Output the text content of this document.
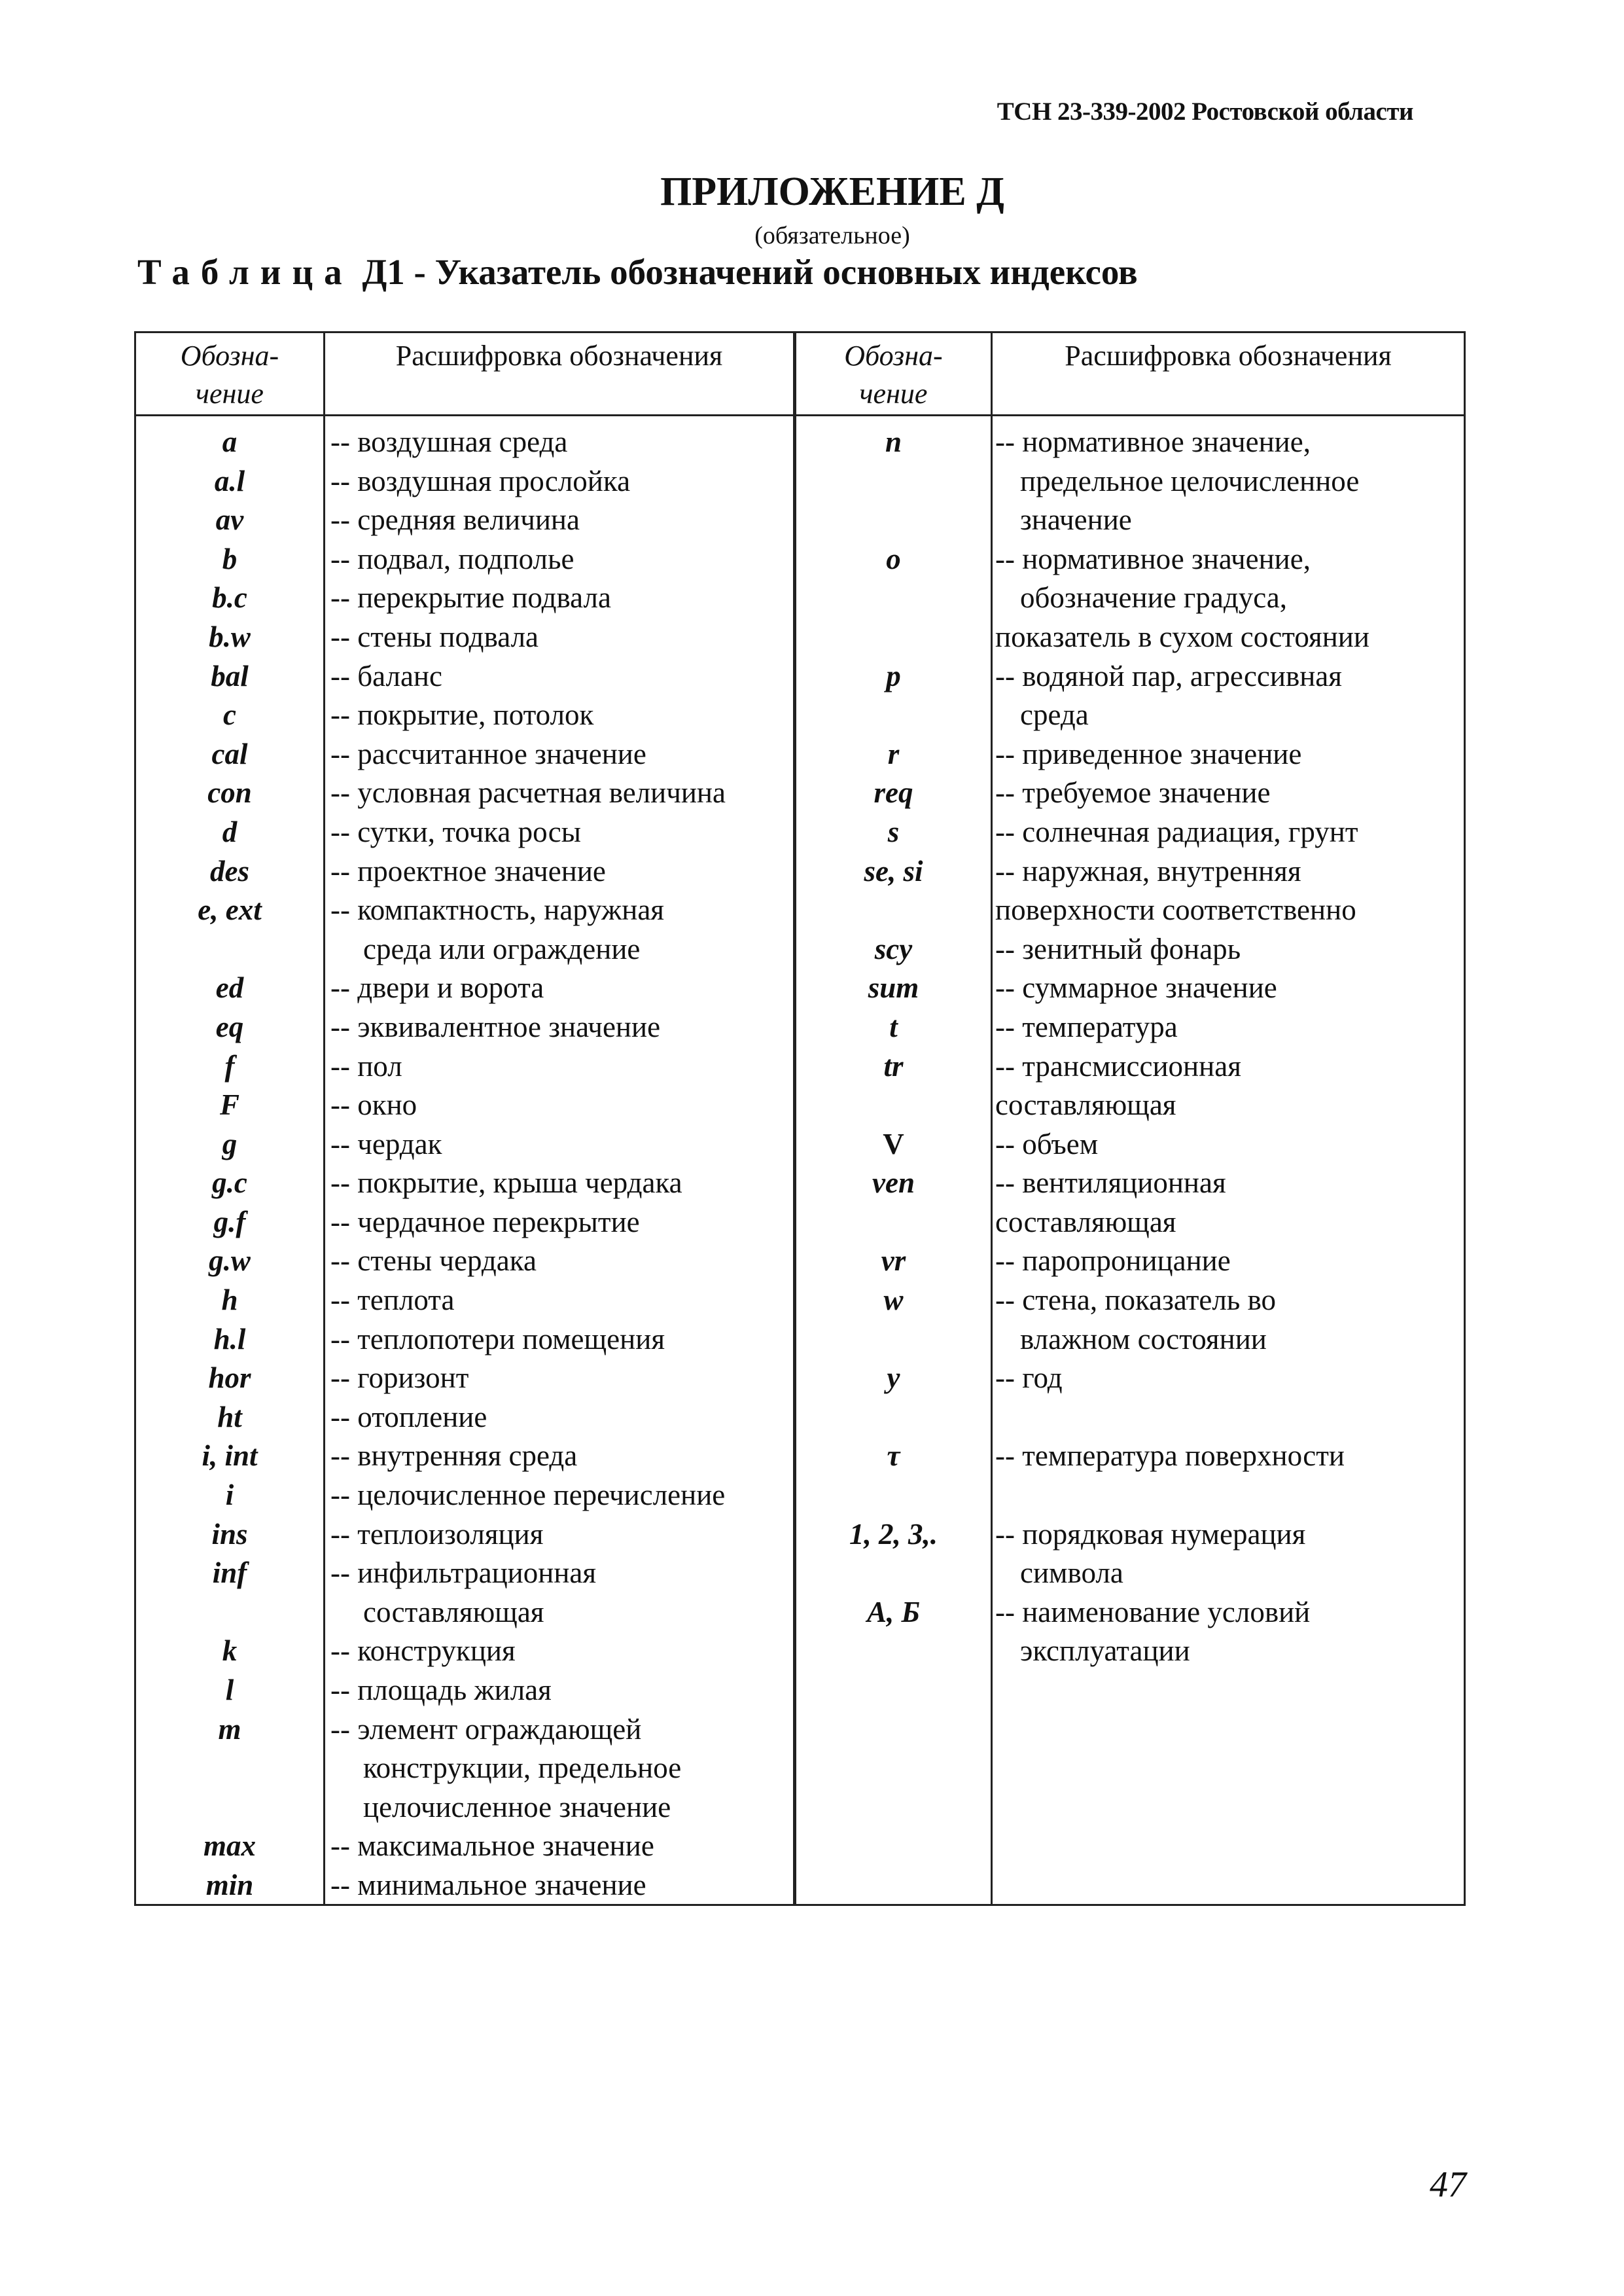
ТСН 23-339-2002 Ростовской области
ПРИЛОЖЕНИЕ Д
(обязательное)
Таблица Д1 - Указатель обозначений основных индексов
Обозна-
чение
Расшифровка обозначения	Обозна-
чение
Расшифровка обозначения
a
a.l
av
b
b.c
b.w
bal
c
cal
con
d
des
e, ext
ed
eq
f
F
g
g.c
g.f
g.w
h
h.l
hor
ht
i, int
i
ins
inf
k
l
m
max
min
-- воздушная среда
-- воздушная прослойка
-- средняя величина
-- подвал, подполье
-- перекрытие подвала
-- стены подвала
-- баланс
-- покрытие, потолок
-- рассчитанное значение
-- условная расчетная величина
-- сутки, точка росы
-- проектное значение
-- компактность, наружная
среда или ограждение
-- двери и ворота
-- эквивалентное значение
-- пол
-- окно
-- чердак
-- покрытие, крыша чердака
-- чердачное перекрытие
-- стены чердака
-- теплота
-- теплопотери помещения
-- горизонт
-- отопление
-- внутренняя среда
-- целочисленное перечисление
-- теплоизоляция
-- инфильтрационная
составляющая
-- конструкция
-- площадь жилая
-- элемент ограждающей
конструкции, предельное
целочисленное значение
-- максимальное значение
-- минимальное значение
n
o
p
r
req
s
se, si
scy
sum
t
tr
V
ven
vr
w
y
τ
1, 2, 3,.
А, Б
-- нормативное значение,
предельное целочисленное
значение
-- нормативное значение,
обозначение градуса,
показатель в сухом состоянии
-- водяной пар, агрессивная
среда
-- приведенное значение
-- требуемое значение
-- солнечная радиация, грунт
-- наружная, внутренняя
поверхности соответственно
-- зенитный фонарь
-- суммарное значение
-- температура
-- трансмиссионная
составляющая
-- объем
-- вентиляционная
составляющая
-- паропроницание
-- стена, показатель во
влажном состоянии
-- год
-- температура поверхности
-- порядковая нумерация
символа
-- наименование условий
эксплуатации
47
